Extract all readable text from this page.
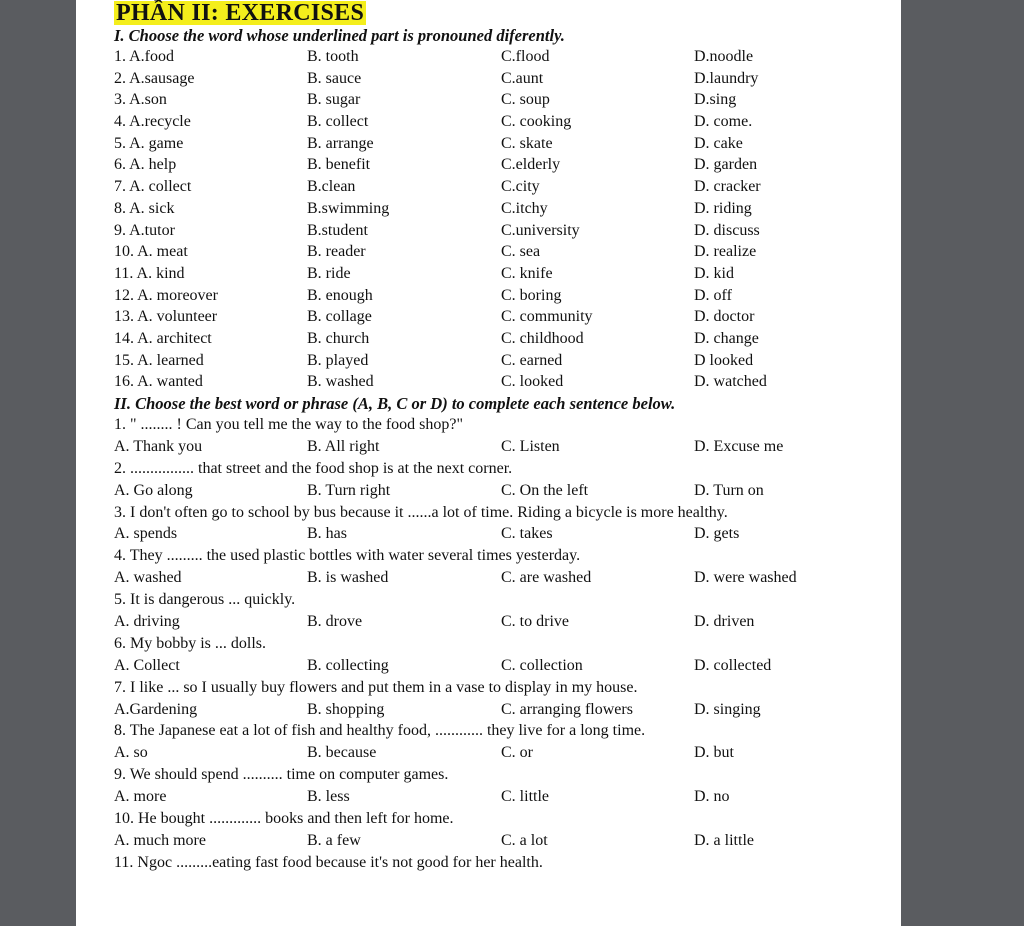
PHẦN II: EXERCISES
I. Choose the word whose underlined part is pronouned diferently.
1. A.food	B. tooth	C.flood	D.noodle
2. A.sausage	B. sauce	C.aunt	D.laundry
3. A.son	B. sugar	C. soup	D.sing
4. A.recycle	B. collect	C. cooking	D. come.
5. A. game	B. arrange	C. skate	D. cake
6. A. help	B. benefit	C.elderly	D. garden
7. A. collect	B.clean	C.city	D. cracker
8. A. sick	B.swimming	C.itchy	D. riding
9. A.tutor	B.student	C.university	D. discuss
10. A. meat	B. reader	C. sea	D. realize
11. A. kind	B. ride	C. knife	D. kid
12. A. moreover	B. enough	C. boring	D. off
13. A. volunteer	B. collage	C. community	D. doctor
14. A. architect	B. church	C. childhood	D. change
15. A. learned	B. played	C. earned	D looked
16. A. wanted	B. washed	C. looked	D. watched
II. Choose the best word or phrase (A, B, C or D) to complete each sentence below.
1. " ........ ! Can you tell me the way to the food shop?"
A. Thank you	B. All right	C. Listen	D. Excuse me
2. ................ that street and the food shop is at the next corner.
A. Go along	B. Turn right	C. On the left	D. Turn on
3. I don't often go to school by bus because it ......a lot of time. Riding a bicycle is more healthy.
A. spends	B. has	C. takes	D. gets
4. They ......... the used plastic bottles with water several times yesterday.
A. washed	B. is washed	C. are washed	D. were washed
5. It is dangerous ... quickly.
A. driving	B. drove	C. to drive	D. driven
6. My bobby is ... dolls.
A. Collect	B. collecting	C. collection	D. collected
7. I like ... so I usually buy flowers and put them in a vase to display in my house.
A.Gardening	B. shopping	C. arranging flowers	D. singing
8. The Japanese eat a lot of fish and healthy food, ............ they live for a long time.
A. so	B. because	C. or	D. but
9. We should spend .......... time on computer games.
A. more	B. less	C. little	D. no
10. He bought ............. books and then left for home.
A. much more	B. a few	C. a lot	D. a little
11. Ngoc .........eating fast food because it's not good for her health.
